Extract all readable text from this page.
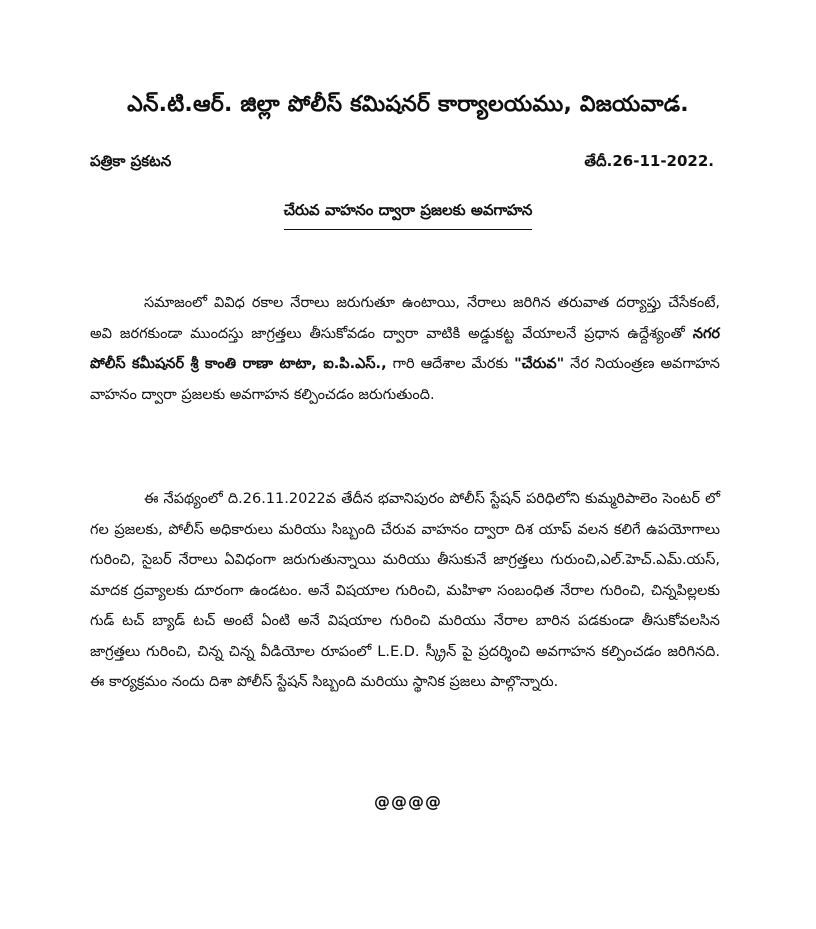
ఎన్.టి.ఆర్. జిల్లా పోలీస్ కమిషనర్ కార్యాలయము, విజయవాడ.
పత్రికా ప్రకటన	తేదీ.26-11-2022.
చేరువ వాహనం ద్వారా ప్రజలకు అవగాహన

సమాజంలో వివిధ రకాల నేరాలు జరుగుతూ ఉంటాయి, నేరాలు జరిగిన తరువాత దర్యాప్తు చేసేకంటే, అవి జరగకుండా ముందస్తు జాగ్రత్తలు తీసుకోవడం ద్వారా వాటికి అడ్డుకట్ట వేయాలనే ప్రధాన ఉద్దేశ్యంతో నగర పోలీస్ కమీషనర్ శ్రీ కాంతి రాణా టాటా, ఐ.పి.ఎస్., గారి ఆదేశాల మేరకు "చేరువ" నేర నియంత్రణ అవగాహన వాహనం ద్వారా ప్రజలకు అవగాహన కల్పించడం జరుగుతుంది.

ఈ నేపథ్యంలో ది.26.11.2022వ తేదీన భవానిపురం పోలీస్ స్టేషన్ పరిధిలోని కుమ్మరిపాలెం సెంటర్ లో గల ప్రజలకు, పోలీస్ అధికారులు మరియు సిబ్బంది చేరువ వాహనం ద్వారా దిశ యాప్ వలన కలిగే ఉపయోగాలు గురించి, సైబర్ నేరాలు ఏవిధంగా జరుగుతున్నాయి మరియు తీసుకునే జాగ్రత్తలు గురుంచి,ఎల్.హెచ్.ఎమ్.యస్, మాదక ద్రవ్యాలకు దూరంగా ఉండటం. అనే విషయాల గురించి, మహిళా సంబంధిత నేరాల గురించి, చిన్నపిల్లలకు గుడ్ టచ్ బ్యాడ్ టచ్ అంటే ఏంటి అనే విషయాల గురించి మరియు నేరాల బారిన పడకుండా తీసుకోవలసిన జాగ్రత్తలు గురించి, చిన్న చిన్న వీడియోల రూపంలో L.E.D. స్క్రీన్ పై ప్రదర్శించి అవగాహన కల్పించడం జరిగినది. ఈ కార్యక్రమం నందు దిశా పోలీస్ స్టేషన్ సిబ్బంది మరియు స్థానిక ప్రజలు పాల్గొన్నారు.

@@@@
